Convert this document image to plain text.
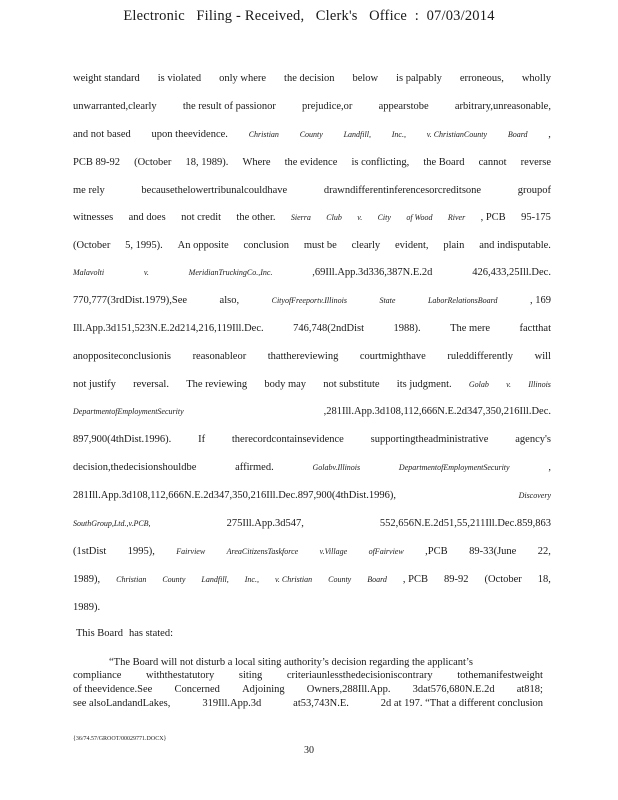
Electronic   Filing - Received,   Clerk's   Office  :  07/03/2014
weight standard is violated only where the decision below is palpably erroneous, wholly
unwarranted,clearly the result of passionor prejudice,or appearstobe arbitrary,unreasonable,
and not based upon theevidence.	Christian	County	Landfill,	Inc.,	v. ChristianCounty	Board ,
PCB 89-92 (October 18, 1989). Where the evidence is conflicting, the Board cannot reverse
me rely	becausethelowertribunalcouldhave	drawndifferentinferencesorcreditsone	groupof
witnesses and does not credit the other. Sierra Club v. City of Wood River , PCB 95-175
(October 5, 1995). An opposite conclusion must be clearly evident, plain and indisputable.
Malavolti	v.	MeridianTruckingCo.,Inc.	,69Ill.App.3d336,387N.E.2d	426,433,25Ill.Dec.
770,777(3rdDist.1979),See	also,	CityofFreeportv.Illinois	State	LaborRelationsBoard	, 169
Ill.App.3d151,523N.E.2d214,216,119Ill.Dec.	746,748(2ndDist	1988).	The mere	factthat
anoppositeconclusionis reasonableor thatthereviewing courtmighthave ruleddifferently will
not justify reversal. The reviewing body may not substitute its judgment. Golab v. Illinois
DepartmentofEmploymentSecurity	,281Ill.App.3d108,112,666N.E.2d347,350,216Ill.Dec.
897,900(4thDist.1996).	If	therecordcontainsevidence	supportingtheadministrative	agency's
decision,thedecisionshouldbe	affirmed.	Golabv.Illinois	DepartmentofEmploymentSecurity	,
281Ill.App.3d108,112,666N.E.2d347,350,216Ill.Dec.897,900(4thDist.1996),	Discovery
SouthGroup,Ltd.,v.PCB,	275Ill.App.3d547,	552,656N.E.2d51,55,211Ill.Dec.859,863
(1stDist 1995),	Fairview	AreaCitizensTaskforce	v.Village	ofFairview ,PCB 89-33(June 22,
1989), Christian County Landfill, Inc., v. Christian County Board , PCB 89-92 (October 18,
1989).
This Board has stated:
“The Board will not disturb a local siting authority’s decision regarding the applicant’s
compliance withthestatutory siting criteriaunlessthedecisioniscontrary tothemanifestweight
of theevidence.See Concerned Adjoining Owners,288Ill.App. 3dat576,680N.E.2d at818;
see alsoLandandLakes,	319Ill.App.3d	at53,743N.E.	2d at 197. “That a different conclusion
{36/74.57/GROOT/00029771.DOCX}
30
